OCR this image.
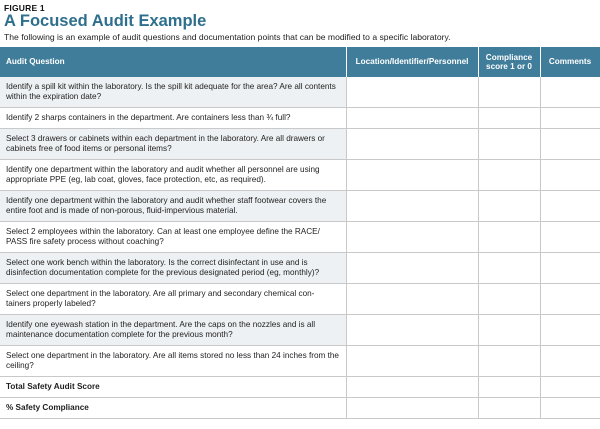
FIGURE 1
A Focused Audit Example
The following is an example of audit questions and documentation points that can be modified to a specific laboratory.
Audit Question	Location/Identifier/Personnel	Compliance score 1 or 0	Comments
Identify a spill kit within the laboratory. Is the spill kit adequate for the area? Are all contents within the expiration date?			
Identify 2 sharps containers in the department. Are containers less than ¾ full?			
Select 3 drawers or cabinets within each department in the laboratory. Are all drawers or cabinets free of food items or personal items?			
Identify one department within the laboratory and audit whether all personnel are using appropriate PPE (eg, lab coat, gloves, face protection, etc, as required).			
Identify one department within the laboratory and audit whether staff footwear covers the entire foot and is made of non-porous, fluid-impervious material.			
Select 2 employees within the laboratory. Can at least one employee define the RACE/ PASS fire safety process without coaching?			
Select one work bench within the laboratory. Is the correct disinfectant in use and is disinfection documentation complete for the previous designated period (eg, monthly)?			
Select one department in the laboratory. Are all primary and secondary chemical con- tainers properly labeled?			
Identify one eyewash station in the department. Are the caps on the nozzles and is all maintenance documentation complete for the previous month?			
Select one department in the laboratory. Are all items stored no less than 24 inches from the ceiling?			
Total Safety Audit Score			
% Safety Compliance			
